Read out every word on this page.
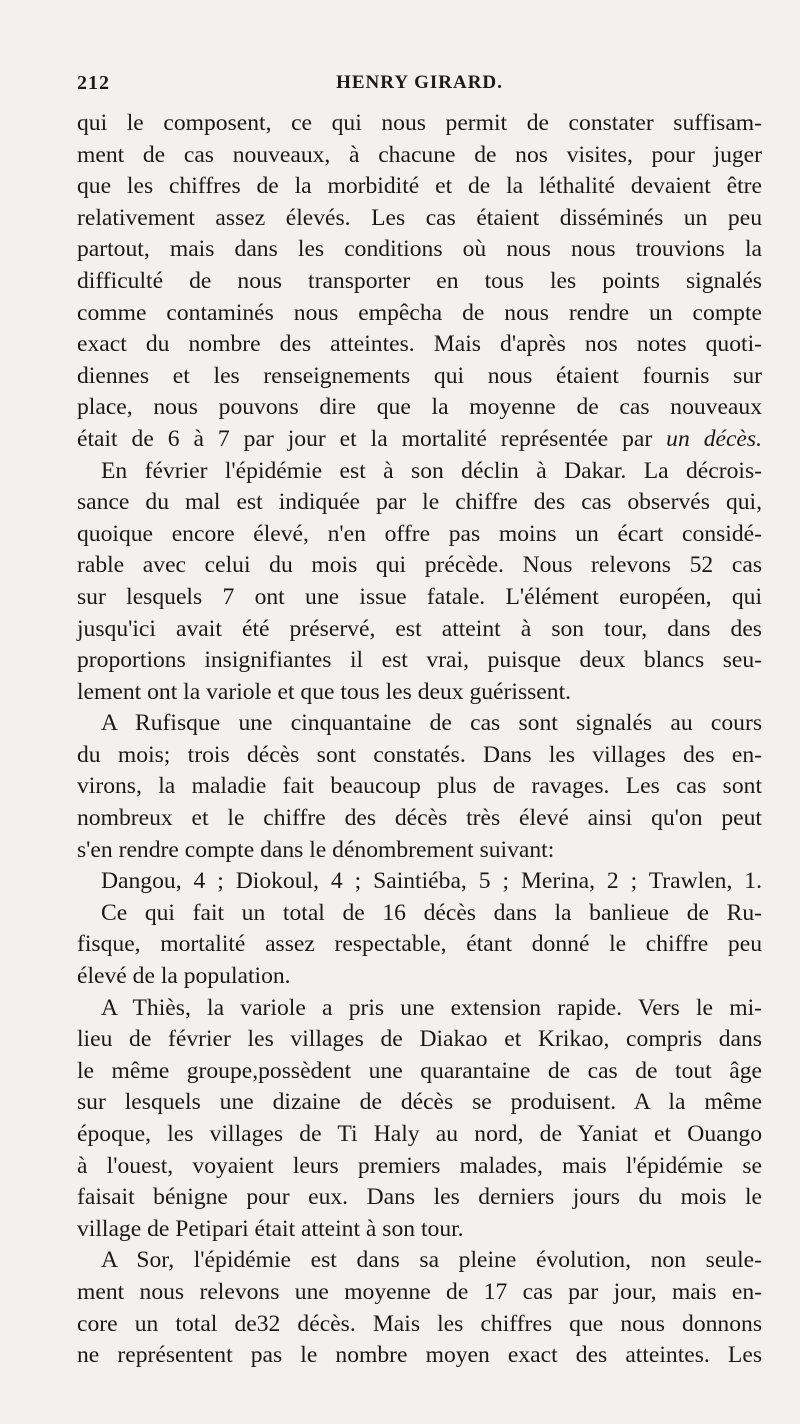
212	HENRY GIRARD.
qui le composent, ce qui nous permit de constater suffisam-
ment de cas nouveaux, à chacune de nos visites, pour juger
que les chiffres de la morbidité et de la léthalité devaient être
relativement assez élevés. Les cas étaient disséminés un peu
partout, mais dans les conditions où nous nous trouvions la
difficulté de nous transporter en tous les points signalés
comme contaminés nous empêcha de nous rendre un compte
exact du nombre des atteintes. Mais d'après nos notes quoti-
diennes et les renseignements qui nous étaient fournis sur
place, nous pouvons dire que la moyenne de cas nouveaux
était de 6 à 7 par jour et la mortalité représentée par un décès.
En février l'épidémie est à son déclin à Dakar. La décrois-
sance du mal est indiquée par le chiffre des cas observés qui,
quoique encore élevé, n'en offre pas moins un écart considé-
rable avec celui du mois qui précède. Nous relevons 52 cas
sur lesquels 7 ont une issue fatale. L'élément européen, qui
jusqu'ici avait été préservé, est atteint à son tour, dans des
proportions insignifiantes il est vrai, puisque deux blancs seu-
lement ont la variole et que tous les deux guérissent.
A Rufisque une cinquantaine de cas sont signalés au cours
du mois; trois décès sont constatés. Dans les villages des en-
virons, la maladie fait beaucoup plus de ravages. Les cas sont
nombreux et le chiffre des décès très élevé ainsi qu'on peut
s'en rendre compte dans le dénombrement suivant:
Dangou, 4 ; Diokoul, 4 ; Saintiéba, 5 ; Merina, 2 ; Trawlen, 1.
Ce qui fait un total de 16 décès dans la banlieue de Ru-
fisque, mortalité assez respectable, étant donné le chiffre peu
élevé de la population.
A Thiès, la variole a pris une extension rapide. Vers le mi-
lieu de février les villages de Diakao et Krikao, compris dans
le même groupe,possèdent une quarantaine de cas de tout âge
sur lesquels une dizaine de décès se produisent. A la même
époque, les villages de Ti Haly au nord, de Yaniat et Ouango
à l'ouest, voyaient leurs premiers malades, mais l'épidémie se
faisait bénigne pour eux. Dans les derniers jours du mois le
village de Petipari était atteint à son tour.
A Sor, l'épidémie est dans sa pleine évolution, non seule-
ment nous relevons une moyenne de 17 cas par jour, mais en-
core un total de32 décès. Mais les chiffres que nous donnons
ne représentent pas le nombre moyen exact des atteintes. Les
